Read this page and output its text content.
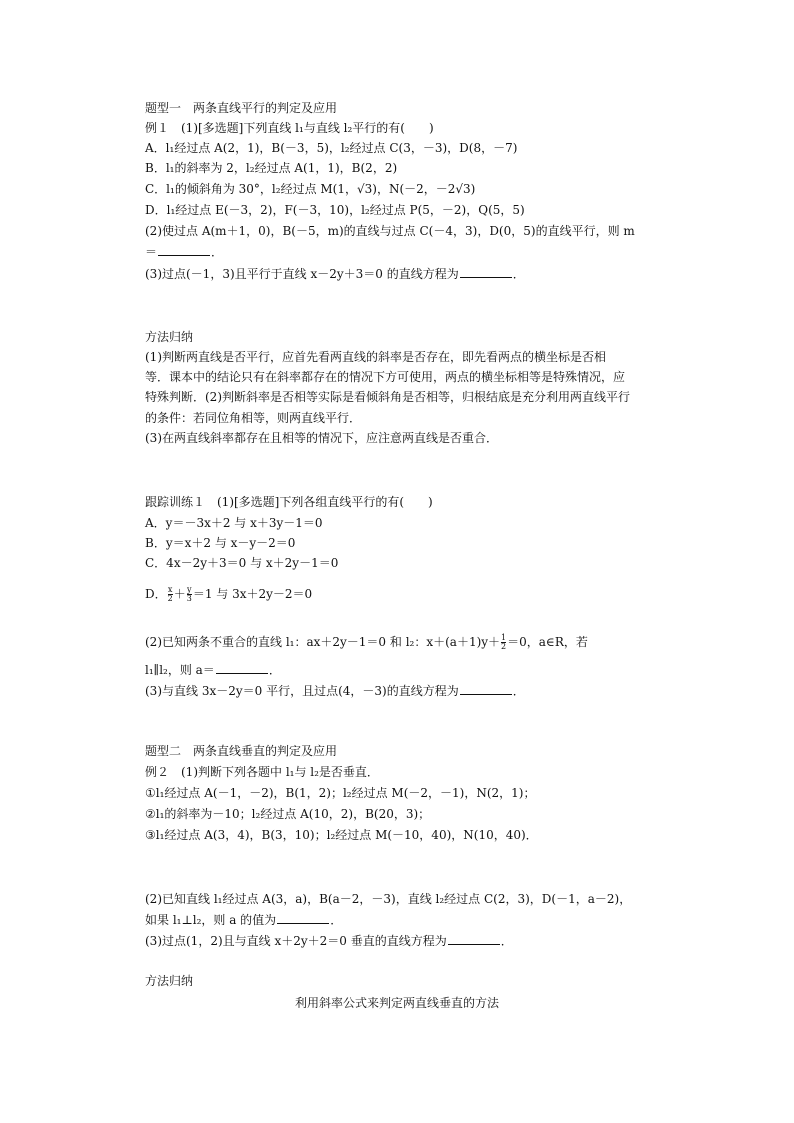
题型一　两条直线平行的判定及应用
例１　(1)[多选题]下列直线 l₁与直线 l₂平行的有(　　)
A．l₁经过点 A(2，1)，B(－3，5)，l₂经过点 C(3，－3)，D(8，－7)
B．l₁的斜率为 2，l₂经过点 A(1，1)，B(2，2)
C．l₁的倾斜角为 30°，l₂经过点 M(1，√3)，N(－2，－2√3)
D．l₁经过点 E(－3，2)，F(－3，10)，l₂经过点 P(5，－2)，Q(5，5)
(2)使过点 A(m＋1，0)，B(－5，m)的直线与过点 C(－4，3)，D(0，5)的直线平行，则 m
＝	．
(3)过点(－1，3)且平行于直线 x－2y＋3＝0 的直线方程为	．
方法归纳
(1)判断两直线是否平行，应首先看两直线的斜率是否存在，即先看两点的横坐标是否相
等．课本中的结论只有在斜率都存在的情况下方可使用，两点的横坐标相等是特殊情况，应
特殊判断．(2)判断斜率是否相等实际是看倾斜角是否相等，归根结底是充分利用两直线平行
的条件：若同位角相等，则两直线平行．
(3)在两直线斜率都存在且相等的情况下，应注意两直线是否重合．
跟踪训练１　(1)[多选题]下列各组直线平行的有(　　)
A．y＝－3x＋2 与 x＋3y－1＝0
B．y＝x＋2 与 x－y－2＝0
C．4x－2y＋3＝0 与 x＋2y－1＝0
D． $\frac{x}{2} + \frac{y}{3} =1$ 与 3x＋2y－2＝0
(2)已知两条不重合的直线 l₁：ax＋2y－1＝0 和 l₂：$x+(a+1)y+ \frac{1}{2} =0$，a∈R，若
l₁∥l₂，则 a＝	．
(3)与直线 3x－2y＝0 平行，且过点(4，－3)的直线方程为	．
题型二　两条直线垂直的判定及应用
例２　(1)判断下列各题中 l₁与 l₂是否垂直．
①l₁经过点 A(－1，－2)，B(1，2)；l₂经过点 M(－2，－1)，N(2，1)；
②l₁的斜率为－10；l₂经过点 A(10，2)，B(20，3)；
③l₁经过点 A(3，4)，B(3，10)；l₂经过点 M(－10，40)，N(10，40)．
(2)已知直线 l₁经过点 A(3，a)，B(a－2，－3)，直线 l₂经过点 C(2，3)，D(－1，a－2)，
如果 l₁⊥l₂，则 a 的值为	．
(3)过点(1，2)且与直线 x＋2y＋2＝0 垂直的直线方程为	．
方法归纳
利用斜率公式来判定两直线垂直的方法
